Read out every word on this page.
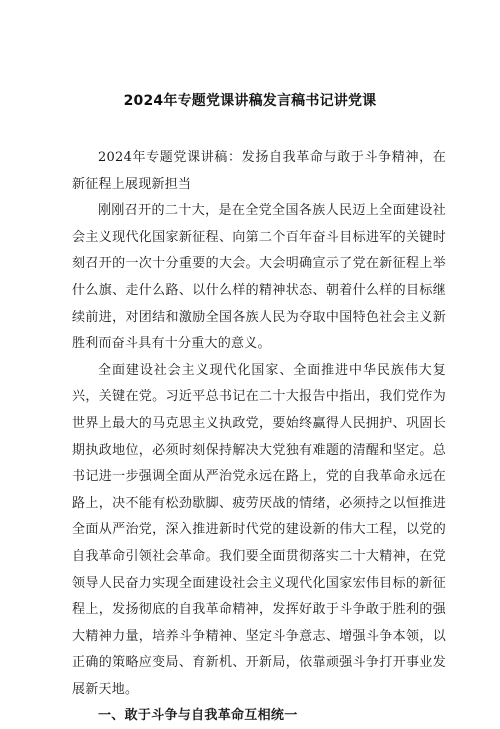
2024年专题党课讲稿发言稿书记讲党课

2024年专题党课讲稿：发扬自我革命与敢于斗争精神，在新征程上展现新担当

刚刚召开的二十大，是在全党全国各族人民迈上全面建设社会主义现代化国家新征程、向第二个百年奋斗目标进军的关键时刻召开的一次十分重要的大会。大会明确宣示了党在新征程上举什么旗、走什么路、以什么样的精神状态、朝着什么样的目标继续前进，对团结和激励全国各族人民为夺取中国特色社会主义新胜利而奋斗具有十分重大的意义。

全面建设社会主义现代化国家、全面推进中华民族伟大复兴，关键在党。习近平总书记在二十大报告中指出，我们党作为世界上最大的马克思主义执政党，要始终赢得人民拥护、巩固长期执政地位，必须时刻保持解决大党独有难题的清醒和坚定。总书记进一步强调全面从严治党永远在路上，党的自我革命永远在路上，决不能有松劲歇脚、疲劳厌战的情绪，必须持之以恒推进全面从严治党，深入推进新时代党的建设新的伟大工程，以党的自我革命引领社会革命。我们要全面贯彻落实二十大精神，在党领导人民奋力实现全面建设社会主义现代化国家宏伟目标的新征程上，发扬彻底的自我革命精神，发挥好敢于斗争敢于胜利的强大精神力量，培养斗争精神、坚定斗争意志、增强斗争本领，以正确的策略应变局、育新机、开新局，依靠顽强斗争打开事业发展新天地。

一、敢于斗争与自我革命互相统一
